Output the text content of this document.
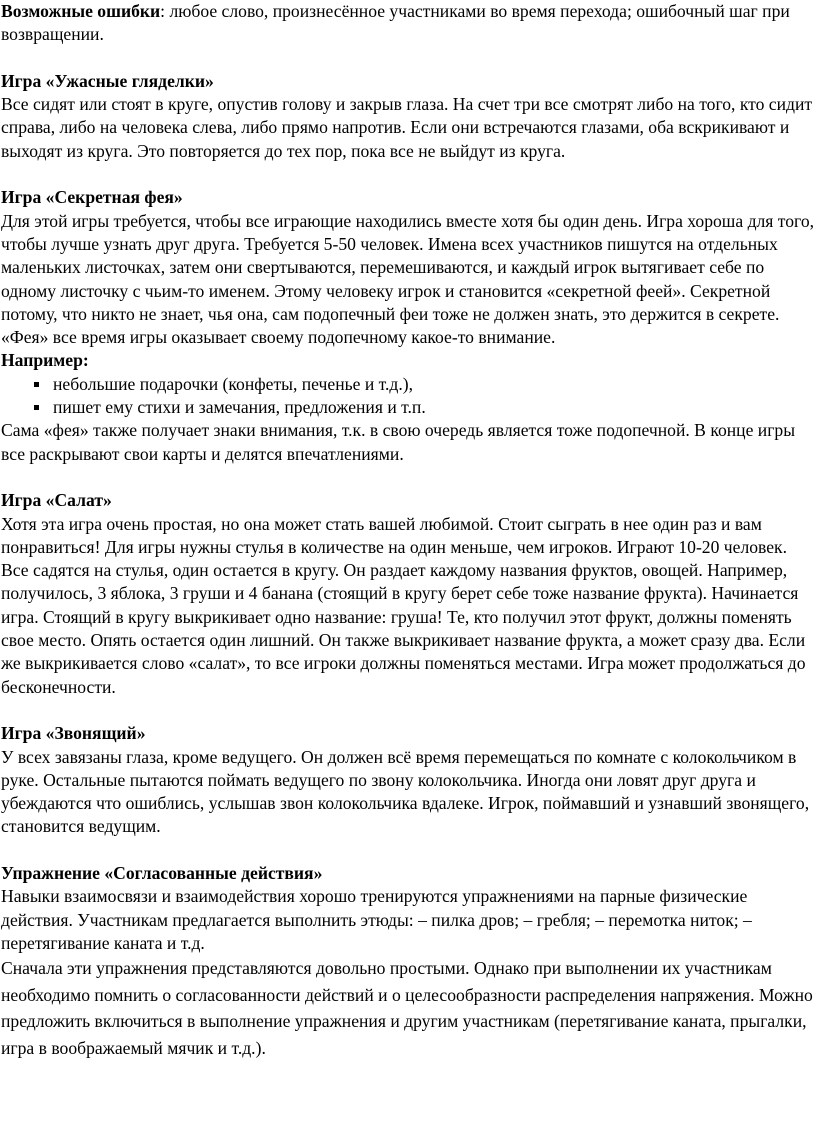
Возможные ошибки: любое слово, произнесённое участниками во время перехода; ошибочный шаг при возвращении.

Игра «Ужасные гляделки»

Все сидят или стоят в круге, опустив голову и закрыв глаза. На счет три все смотрят либо на того, кто сидит справа, либо на человека слева, либо прямо напротив. Если они встречаются глазами, оба вскрикивают и выходят из круга. Это повторяется до тех пор, пока все не выйдут из круга.

Игра «Секретная фея»

Для этой игры требуется, чтобы все играющие находились вместе хотя бы один день. Игра хороша для того, чтобы лучше узнать друг друга. Требуется 5-50 человек. Имена всех участников пишутся на отдельных маленьких листочках, затем они свертываются, перемешиваются, и каждый игрок вытягивает себе по одному листочку с чьим-то именем. Этому человеку игрок и становится «секретной феей». Секретной потому, что никто не знает, чья она, сам подопечный феи тоже не должен знать, это держится в секрете. «Фея» все время игры оказывает своему подопечному какое-то внимание.

Например:

небольшие подарочки (конфеты, печенье и т.д.),
пишет ему стихи и замечания, предложения и т.п.

Сама «фея» также получает знаки внимания, т.к. в свою очередь является тоже подопечной. В конце игры все раскрывают свои карты и делятся впечатлениями.

Игра «Салат»

Хотя эта игра очень простая, но она может стать вашей любимой. Стоит сыграть в нее один раз и вам понравиться! Для игры нужны стулья в количестве на один меньше, чем игроков. Играют 10-20 человек. Все садятся на стулья, один остается в кругу. Он раздает каждому названия фруктов, овощей. Например, получилось, 3 яблока, 3 груши и 4 банана (стоящий в кругу берет себе тоже название фрукта). Начинается игра. Стоящий в кругу выкрикивает одно название: груша! Те, кто получил этот фрукт, должны поменять свое место. Опять остается один лишний. Он также выкрикивает название фрукта, а может сразу два. Если же выкрикивается слово «салат», то все игроки должны поменяться местами. Игра может продолжаться до бесконечности.

Игра «Звонящий»

У всех завязаны глаза, кроме ведущего. Он должен всё время перемещаться по комнате с колокольчиком в руке. Остальные пытаются поймать ведущего по звону колокольчика. Иногда они ловят друг друга и убеждаются что ошиблись, услышав звон колокольчика вдалеке. Игрок, поймавший и узнавший звонящего, становится ведущим.

Упражнение «Согласованные действия»

Навыки взаимосвязи и взаимодействия хорошо тренируются упражнениями на парные физические действия. Участникам предлагается выполнить этюды: – пилка дров; – гребля; – перемотка ниток; – перетягивание каната и т.д.

Сначала эти упражнения представляются довольно простыми. Однако при выполнении их участникам необходимо помнить о согласованности действий и о целесообразности распределения напряжения. Можно предложить включиться в выполнение упражнения и другим участникам (перетягивание каната, прыгалки, игра в воображаемый мячик и т.д.).
